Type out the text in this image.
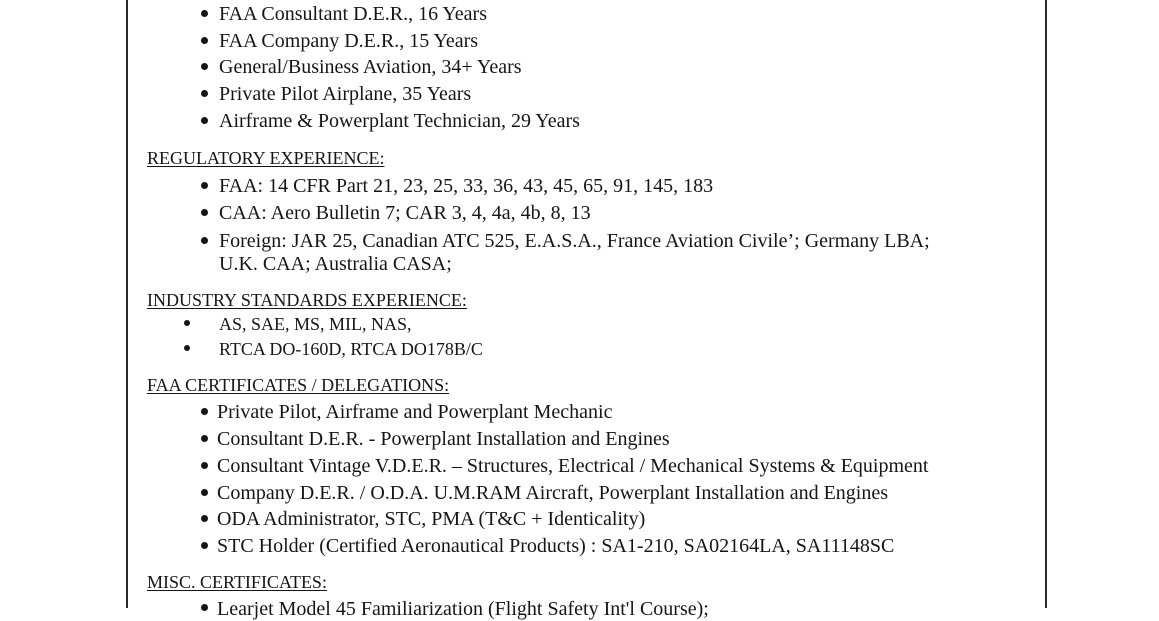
FAA Consultant D.E.R., 16 Years
FAA Company D.E.R., 15 Years
General/Business Aviation, 34+ Years
Private Pilot Airplane, 35 Years
Airframe & Powerplant Technician, 29 Years
REGULATORY EXPERIENCE:
FAA: 14 CFR Part 21, 23, 25, 33, 36, 43, 45, 65, 91, 145, 183
CAA: Aero Bulletin 7; CAR 3, 4, 4a, 4b, 8, 13
Foreign: JAR 25, Canadian ATC 525, E.A.S.A., France Aviation Civile’; Germany LBA;
U.K. CAA; Australia CASA;
INDUSTRY STANDARDS EXPERIENCE:
AS, SAE, MS, MIL, NAS,
RTCA DO-160D, RTCA DO178B/C
FAA CERTIFICATES / DELEGATIONS:
Private Pilot, Airframe and Powerplant Mechanic
Consultant D.E.R. - Powerplant Installation and Engines
Consultant Vintage V.D.E.R. – Structures, Electrical / Mechanical Systems & Equipment
Company D.E.R. / O.D.A. U.M.RAM Aircraft, Powerplant Installation and Engines
ODA Administrator, STC, PMA (T&C + Identicality)
STC Holder (Certified Aeronautical Products) : SA1-210, SA02164LA, SA11148SC
MISC. CERTIFICATES:
Learjet Model 45 Familiarization (Flight Safety Int'l Course);
